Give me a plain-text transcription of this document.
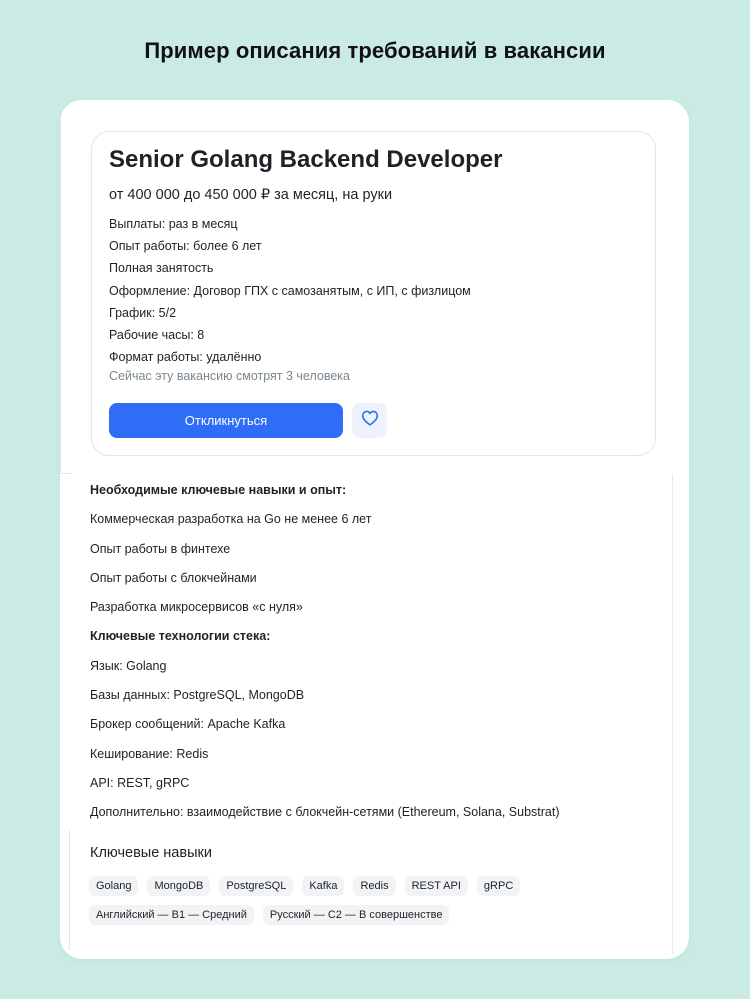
Пример описания требований в вакансии
Senior Golang Backend Developer
от 400 000 до 450 000 ₽ за месяц, на руки
Выплаты: раз в месяц
Опыт работы: более 6 лет
Полная занятость
Оформление: Договор ГПХ с самозанятым, с ИП, с физлицом
График: 5/2
Рабочие часы: 8
Формат работы: удалённо
Сейчас эту вакансию смотрят 3 человека
Откликнуться
Необходимые ключевые навыки и опыт:
Коммерческая разработка на Go не менее 6 лет
Опыт работы в финтехе
Опыт работы с блокчейнами
Разработка микросервисов «с нуля»
Ключевые технологии стека:
Язык: Golang
Базы данных: PostgreSQL, MongoDB
Брокер сообщений: Apache Kafka
Кеширование: Redis
API: REST, gRPC
Дополнительно: взаимодействие с блокчейн-сетями (Ethereum, Solana, Substrat)
Ключевые навыки
Golang	MongoDB	PostgreSQL	Kafka	Redis	REST API	gRPC
Английский — B1 — Средний	Русский — C2 — В совершенстве
